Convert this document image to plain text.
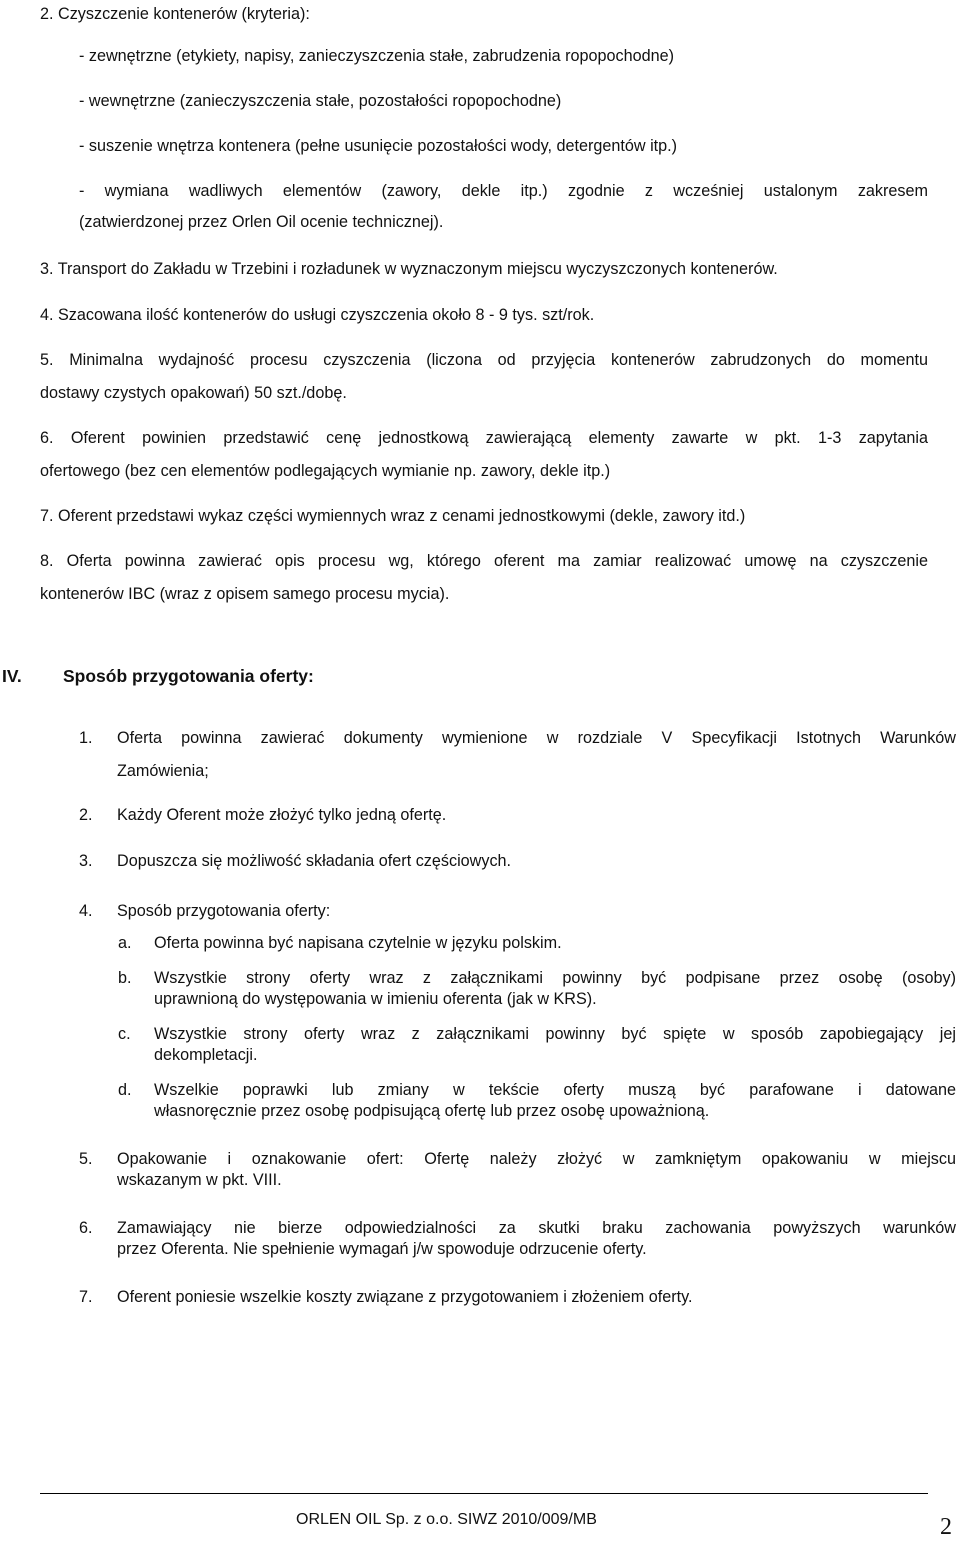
2. Czyszczenie kontenerów (kryteria):
- zewnętrzne (etykiety, napisy, zanieczyszczenia stałe, zabrudzenia ropopochodne)
- wewnętrzne (zanieczyszczenia stałe, pozostałości ropopochodne)
- suszenie wnętrza kontenera (pełne usunięcie pozostałości wody, detergentów itp.)
- wymiana wadliwych elementów (zawory, dekle itp.) zgodnie z wcześniej ustalonym zakresem
(zatwierdzonej przez Orlen Oil ocenie technicznej).
3. Transport do Zakładu w Trzebini i rozładunek w wyznaczonym miejscu wyczyszczonych kontenerów.
4. Szacowana ilość kontenerów do usługi czyszczenia około 8 - 9 tys. szt/rok.
5. Minimalna wydajność procesu czyszczenia (liczona od przyjęcia kontenerów zabrudzonych do momentu
dostawy czystych opakowań) 50 szt./dobę.
6. Oferent powinien przedstawić cenę jednostkową zawierającą elementy zawarte w pkt. 1-3 zapytania
ofertowego (bez cen elementów podlegających wymianie np. zawory, dekle itp.)
7. Oferent przedstawi wykaz części wymiennych wraz z cenami jednostkowymi (dekle, zawory itd.)
8. Oferta powinna zawierać opis procesu wg, którego oferent ma zamiar realizować umowę na czyszczenie
kontenerów IBC (wraz z opisem samego procesu mycia).
IV. Sposób przygotowania oferty:
1. Oferta powinna zawierać dokumenty wymienione w rozdziale V Specyfikacji Istotnych Warunków
Zamówienia;
2. Każdy Oferent może złożyć tylko jedną ofertę.
3. Dopuszcza się możliwość składania ofert częściowych.
4. Sposób przygotowania oferty:
a. Oferta powinna być napisana czytelnie w języku polskim.
b. Wszystkie strony oferty wraz z załącznikami powinny być podpisane przez osobę (osoby)
uprawnioną do występowania w imieniu oferenta (jak w KRS).
c. Wszystkie strony oferty wraz z załącznikami powinny być spięte w sposób zapobiegający jej
dekompletacji.
d. Wszelkie poprawki lub zmiany w tekście oferty muszą być parafowane i datowane
własnoręcznie przez osobę podpisującą ofertę lub przez osobę upoważnioną.
5. Opakowanie i oznakowanie ofert: Ofertę należy złożyć w zamkniętym opakowaniu w miejscu
wskazanym w pkt. VIII.
6. Zamawiający nie bierze odpowiedzialności za skutki braku zachowania powyższych warunków
przez Oferenta. Nie spełnienie wymagań j/w spowoduje odrzucenie oferty.
7. Oferent poniesie wszelkie koszty związane z przygotowaniem i złożeniem oferty.
ORLEN OIL Sp. z o.o. SIWZ 2010/009/MB	2
